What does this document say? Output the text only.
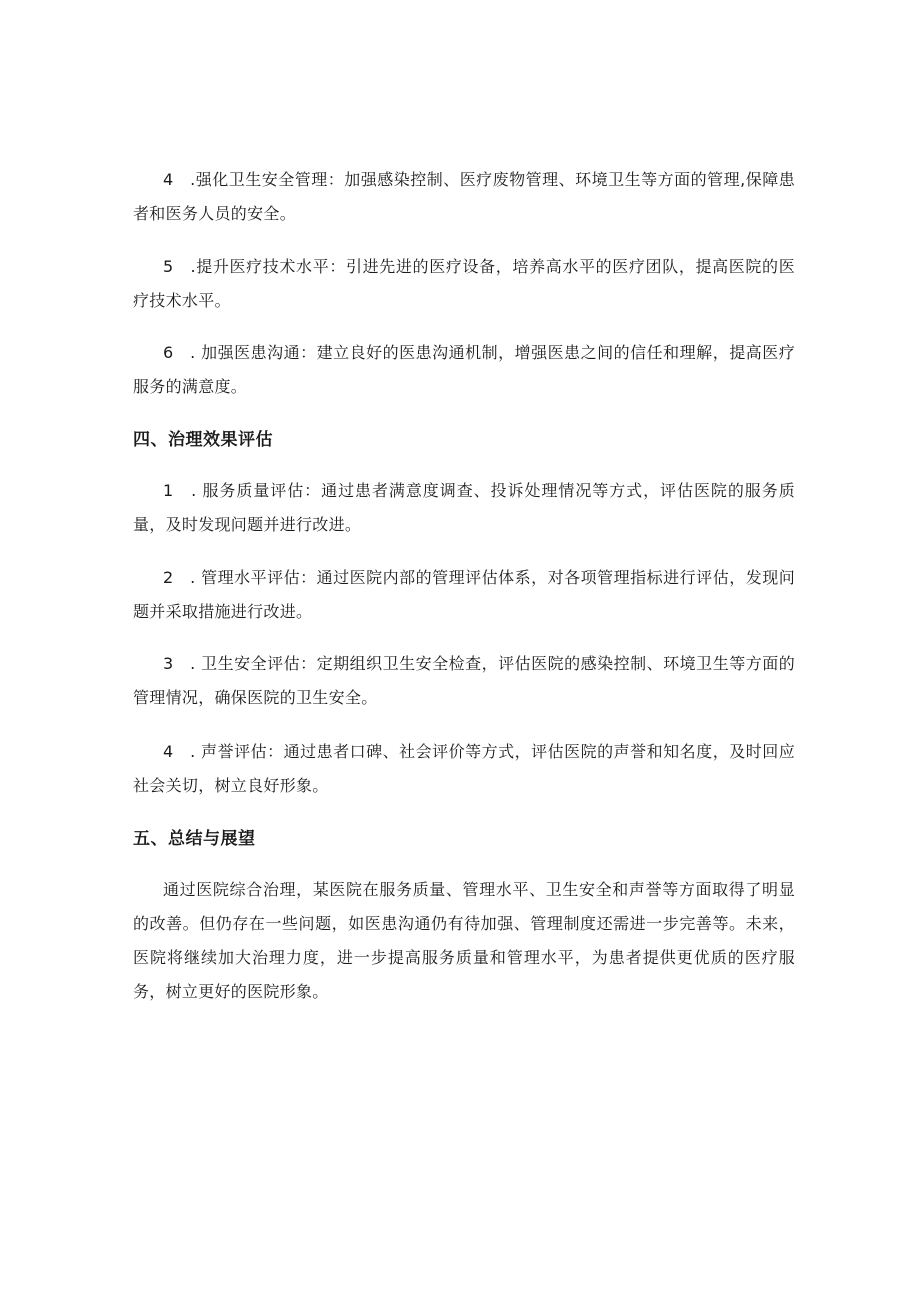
4　.强化卫生安全管理：加强感染控制、医疗废物管理、环境卫生等方面的管理,保障患者和医务人员的安全。

5　.提升医疗技术水平：引进先进的医疗设备，培养高水平的医疗团队，提高医院的医疗技术水平。

6　. 加强医患沟通：建立良好的医患沟通机制，增强医患之间的信任和理解，提高医疗服务的满意度。

四、治理效果评估

1　. 服务质量评估：通过患者满意度调查、投诉处理情况等方式，评估医院的服务质量，及时发现问题并进行改进。

2　. 管理水平评估：通过医院内部的管理评估体系，对各项管理指标进行评估，发现问题并采取措施进行改进。

3　. 卫生安全评估：定期组织卫生安全检查，评估医院的感染控制、环境卫生等方面的管理情况，确保医院的卫生安全。

4　. 声誉评估：通过患者口碑、社会评价等方式，评估医院的声誉和知名度，及时回应社会关切，树立良好形象。

五、总结与展望

通过医院综合治理，某医院在服务质量、管理水平、卫生安全和声誉等方面取得了明显的改善。但仍存在一些问题，如医患沟通仍有待加强、管理制度还需进一步完善等。未来，医院将继续加大治理力度，进一步提高服务质量和管理水平，为患者提供更优质的医疗服务，树立更好的医院形象。
